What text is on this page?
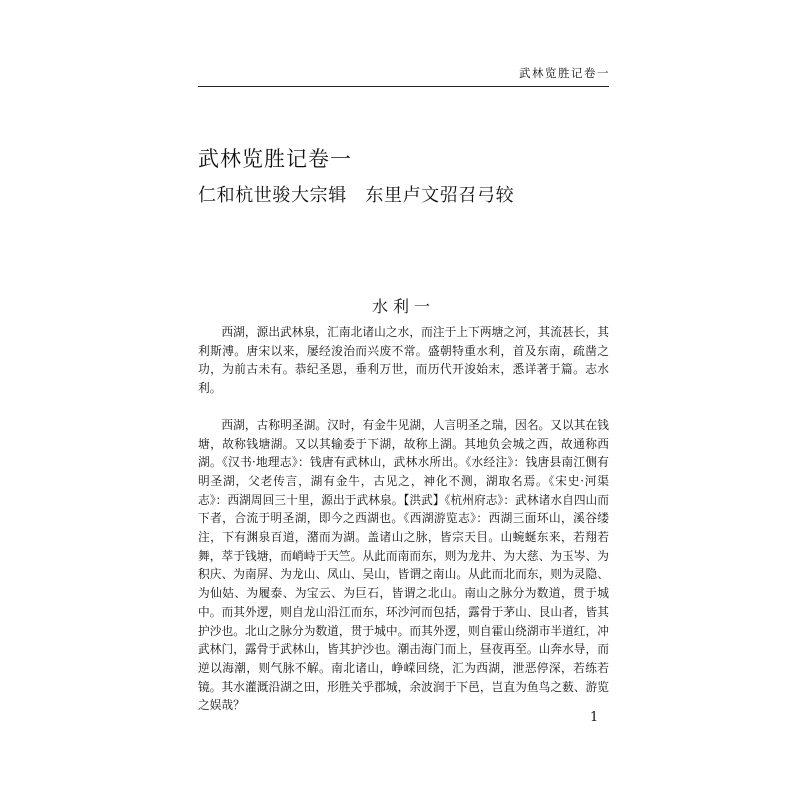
武林览胜记卷一
武林览胜记卷一
仁和杭世骏大宗辑　东里卢文弨召弓较
水利一

西湖，源出武林泉，汇南北诸山之水，而注于上下两塘之河，其流甚长，其利斯溥。唐宋以来，屡经浚治而兴废不常。盛朝特重水利，首及东南，疏凿之功，为前古未有。恭纪圣恩，垂利万世，而历代开浚始末，悉详著于篇。志水利。

西湖，古称明圣湖。汉时，有金牛见湖，人言明圣之瑞，因名。又以其在钱塘，故称钱塘湖。又以其输委于下湖，故称上湖。其地负会城之西，故通称西湖。《汉书·地理志》：钱唐有武林山，武林水所出。《水经注》：钱唐县南江侧有明圣湖，父老传言，湖有金牛，古见之，神化不测，湖取名焉。《宋史·河渠志》：西湖周回三十里，源出于武林泉。【洪武】《杭州府志》：武林诸水自四山而下者，合流于明圣湖，即今之西湖也。《西湖游览志》：西湖三面环山，溪谷缕注，下有渊泉百道，潴而为湖。盖诸山之脉，皆宗天目。山蜿蜒东来，若翔若舞，萃于钱塘，而峭峙于天竺。从此而南而东，则为龙井、为大慈、为玉岑、为积庆、为南屏、为龙山、凤山、吴山，皆谓之南山。从此而北而东，则为灵隐、为仙姑、为履泰、为宝云、为巨石，皆谓之北山。南山之脉分为数道，贯于城中。而其外逻，则自龙山沿江而东，环沙河而包括，露骨于茅山、艮山者，皆其护沙也。北山之脉分为数道，贯于城中。而其外逻，则自霍山绕湖市半道红，冲武林门，露骨于武林山，皆其护沙也。潮击海门而上，昼夜再至。山奔水导，而逆以海潮，则气脉不解。南北诸山，峥嵘回绕，汇为西湖，泄恶停深，若练若镜。其水灌溉沿湖之田，形胜关乎郡城，余波润于下邑，岂直为鱼鸟之薮、游览之娱哉？

1
